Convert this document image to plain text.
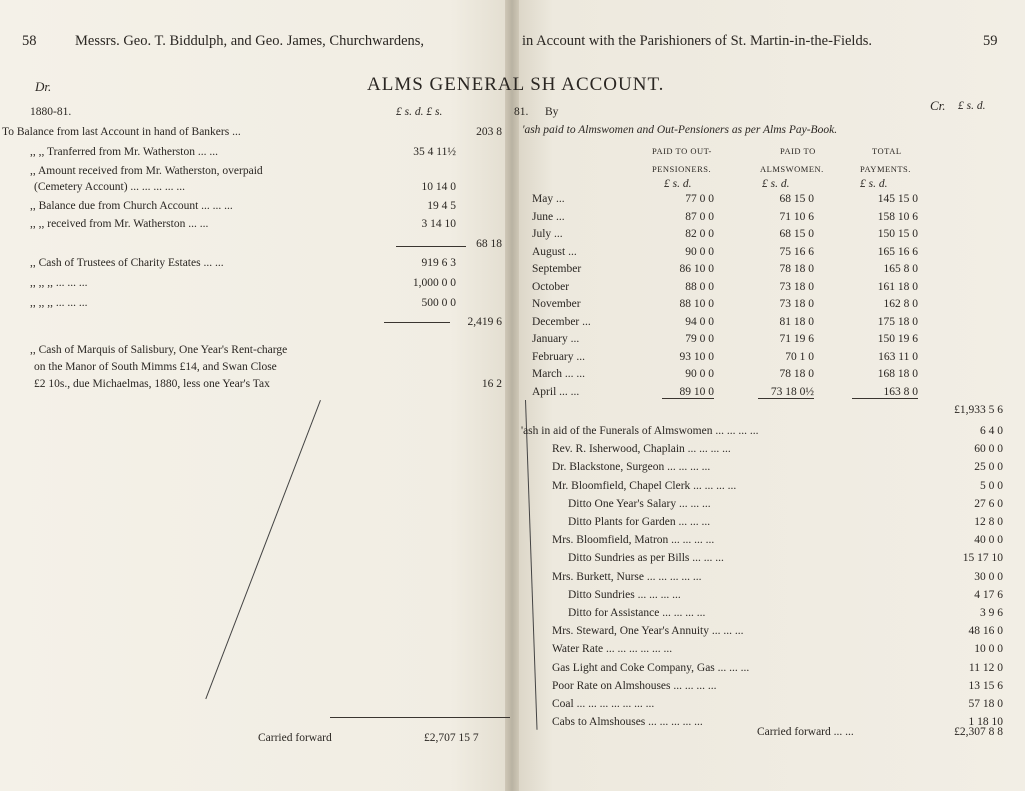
58	Messrs. Geo. T. Biddulph, and Geo. James, Churchwardens,	in Account with the Parishioners of St. Martin-in-the-Fields.	59
ALMS GENERAL SH ACCOUNT.
Dr.
Cr.
1880-81.	£ s. d. £ s.	81. By	£ s. d.
To Balance from last Account in hand of Bankers ...	203 8
,, ,, Tranferred from Mr. Watherston ... ...	35 4 11½
,, Amount received from Mr. Watherston, overpaid
(Cemetery Account) ... ... ... ... ...	10 14 0
,, Balance due from Church Account ... ... ...	19 4 5
,, ,, received from Mr. Watherston ... ...	3 14 10
68 18
,, Cash of Trustees of Charity Estates ... ...	919 6 3
,, ,, ,, ... ... ...	1,000 0 0
,, ,, ,, ... ... ...	500 0 0
2,419 6
,, Cash of Marquis of Salisbury, One Year's Rent-charge
on the Manor of South Mimms £14, and Swan Close
£2 10s., due Michaelmas, 1880, less one Year's Tax	16 2
Carried forward	£2,707 15 7
'ash paid to Almswomen and Out-Pensioners as per Alms Pay-Book.
PAID TO OUT-
PENSIONERS.
PAID TO
ALMSWOMEN.
TOTAL
PAYMENTS.
£ s. d.	£ s. d.	£ s. d.
May ...	77 0 0	68 15 0	145 15 0
June ...	87 0 0	71 10 6	158 10 6
July ...	82 0 0	68 15 0	150 15 0
August ...	90 0 0	75 16 6	165 16 6
September	86 10 0	78 18 0	165 8 0
October	88 0 0	73 18 0	161 18 0
November	88 10 0	73 18 0	162 8 0
December ...	94 0 0	81 18 0	175 18 0
January ...	79 0 0	71 19 6	150 19 6
February ...	93 10 0	70 1 0	163 11 0
March ... ...	90 0 0	78 18 0	168 18 0
April ... ...	89 10 0	73 18 0½	163 8 0
£1,933 5 6
'ash in aid of the Funerals of Almswomen ... ... ... ...	6 4 0
Rev. R. Isherwood, Chaplain ... ... ... ...	60 0 0
Dr. Blackstone, Surgeon ... ... ... ...	25 0 0
Mr. Bloomfield, Chapel Clerk ... ... ... ...	5 0 0
Ditto One Year's Salary ... ... ...	27 6 0
Ditto Plants for Garden ... ... ...	12 8 0
Mrs. Bloomfield, Matron ... ... ... ...	40 0 0
Ditto Sundries as per Bills ... ... ...	15 17 10
Mrs. Burkett, Nurse ... ... ... ... ...	30 0 0
Ditto Sundries ... ... ... ...	4 17 6
Ditto for Assistance ... ... ... ...	3 9 6
Mrs. Steward, One Year's Annuity ... ... ...	48 16 0
Water Rate ... ... ... ... ... ...	10 0 0
Gas Light and Coke Company, Gas ... ... ...	11 12 0
Poor Rate on Almshouses ... ... ... ...	13 15 6
Coal ... ... ... ... ... ... ...	57 18 0
Cabs to Almshouses ... ... ... ... ...	1 18 10
Carried forward ... ...	£2,307 8 8
